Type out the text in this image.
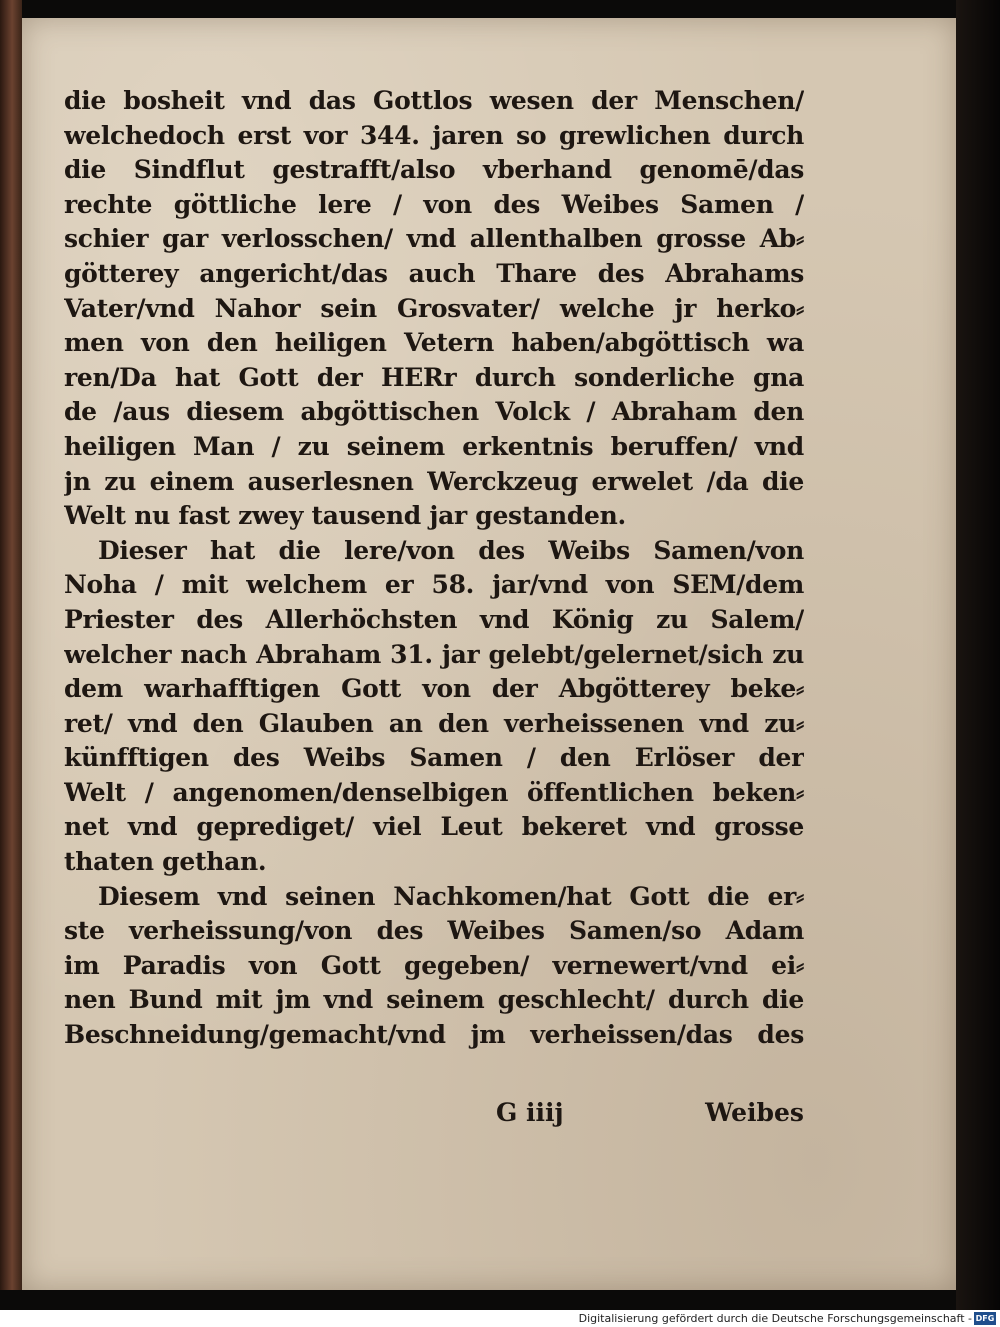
die bosheit vnd das Gottlos wesen der Menschen/
welchedoch erst vor 344. jaren so grewlichen durch
die Sindflut gestrafft/also vberhand genomē/das
rechte göttliche lere / von des Weibes Samen /
schier gar verlosschen/ vnd allenthalben grosse Ab⸗
götterey angericht/das auch Thare des Abrahams
Vater/vnd Nahor sein Grosvater/ welche jr herko⸗
men von den heiligen Vetern haben/abgöttisch wa
ren/Da hat Gott der HERr durch sonderliche gna
de /aus diesem abgöttischen Volck / Abraham den
heiligen Man / zu seinem erkentnis beruffen/ vnd
jn zu einem auserlesnen Werckzeug erwelet /da die
Welt nu fast zwey tausend jar gestanden.
Dieser hat die lere/von des Weibs Samen/von
Noha / mit welchem er 58. jar/vnd von SEM/dem
Priester des Allerhöchsten vnd König zu Salem/
welcher nach Abraham 31. jar gelebt/gelernet/sich zu
dem warhafftigen Gott von der Abgötterey beke⸗
ret/ vnd den Glauben an den verheissenen vnd zu⸗
künfftigen des Weibs Samen / den Erlöser der
Welt / angenomen/denselbigen öffentlichen beken⸗
net vnd geprediget/ viel Leut bekeret vnd grosse
thaten gethan.
Diesem vnd seinen Nachkomen/hat Gott die er⸗
ste verheissung/von des Weibes Samen/so Adam
im Paradis von Gott gegeben/ vernewert/vnd ei⸗
nen Bund mit jm vnd seinem geschlecht/ durch die
Beschneidung/gemacht/vnd jm verheissen/das des
G iiij	Weibes
Digitalisierung gefördert durch die Deutsche Forschungsgemeinschaft - DFG
